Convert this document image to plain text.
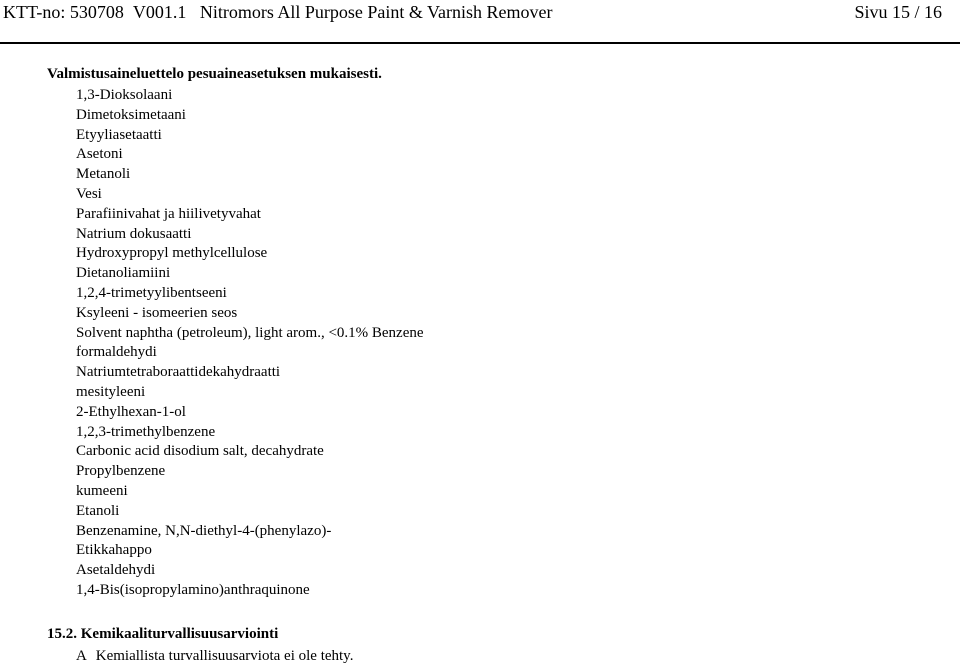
KTT-no: 530708 V001.1 Nitromors All Purpose Paint & Varnish Remover	Sivu 15 / 16
Valmistusaineluettelo pesuaineasetuksen mukaisesti.
1,3-Dioksolaani
Dimetoksimetaani
Etyyliasetaatti
Asetoni
Metanoli
Vesi
Parafiinivahat ja hiilivetyvahat
Natrium dokusaatti
Hydroxypropyl methylcellulose
Dietanoliamiini
1,2,4-trimetyylibentseeni
Ksyleeni - isomeerien seos
Solvent naphtha (petroleum), light arom., <0.1% Benzene
formaldehydi
Natriumtetraboraattidekahydraatti
mesityleeni
2-Ethylhexan-1-ol
1,2,3-trimethylbenzene
Carbonic acid disodium salt, decahydrate
Propylbenzene
kumeeni
Etanoli
Benzenamine, N,N-diethyl-4-(phenylazo)-
Etikkahappo
Asetaldehydi
1,4-Bis(isopropylamino)anthraquinone
15.2. Kemikaaliturvallisuusarviointi
A Kemiallista turvallisuusarviota ei ole tehty.
